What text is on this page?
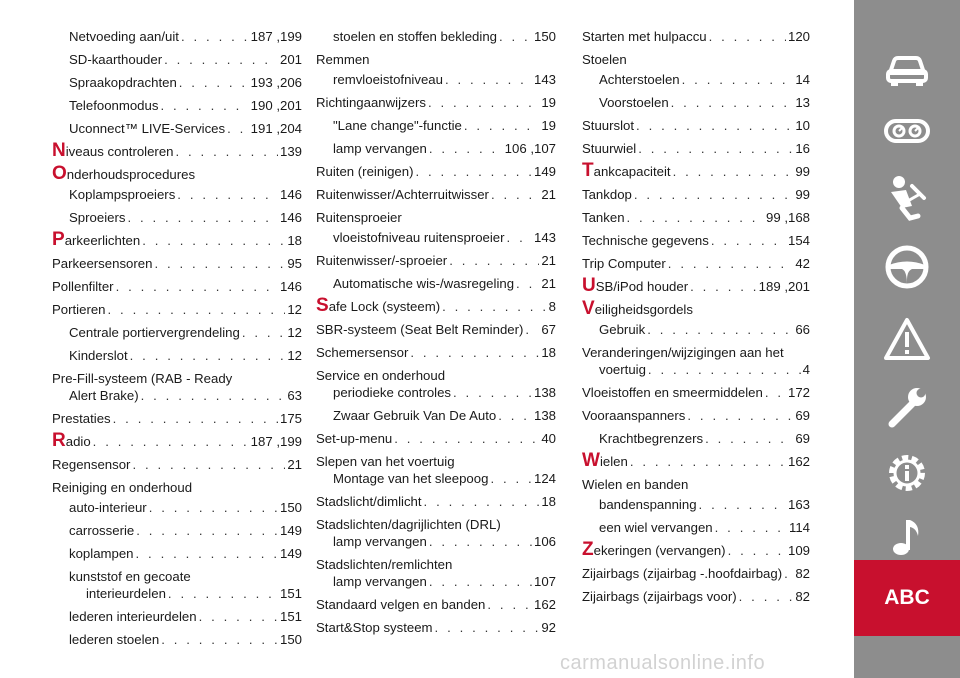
Netvoeding aan/uit . . .	187 ,199
SD-kaarthouder . . .	201
Spraakopdrachten . . .	193 ,206
Telefoonmodus . . .	190 ,201
Uconnect™ LIVE-Services . . . 191 ,204
Niveaus controleren . . .	139
Onderhoudsprocedures
Koplampsproeiers . . .	146
Sproeiers . . .	146
Parkeerlichten . . .	18
Parkeersensoren . . .	95
Pollenfilter . . .	146
Portieren . . .	12
Centrale portiervergrendeling . . .	12
Kinderslot . . .	12
Pre-Fill-systeem (RAB - Ready
Alert Brake) . . .	63
Prestaties . . .	175
Radio . . .	187 ,199
Regensensor . . .	21
Reiniging en onderhoud
auto-interieur . . .	150
carrosserie . . .	149
koplampen . . .	149
kunststof en gecoate
interieurdelen . . .	151
lederen interieurdelen . . .	151
lederen stoelen . . .	150
stoelen en stoffen bekleding . . .	150
Remmen
remvloeistofniveau . . .	143
Richtingaanwijzers . . .	19
"Lane change"-functie . . .	19
lamp vervangen . . .	106 ,107
Ruiten (reinigen) . . .	149
Ruitenwisser/Achterruitwisser . . .	21
Ruitensproeier
vloeistofniveau ruitensproeier . . . 143
Ruitenwisser/-sproeier . . .	21
Automatische wis-/wasregeling . . . 21
Safe Lock (systeem) . . .	8
SBR-systeem (Seat Belt Reminder) . . . 67
Schemersensor . . .	18
Service en onderhoud
periodieke controles . . .	138
Zwaar Gebruik Van De Auto . . .	138
Set-up-menu . . .	40
Slepen van het voertuig
Montage van het sleepoog . . .	124
Stadslicht/dimlicht . . .	18
Stadslichten/dagrijlichten (DRL)
lamp vervangen . . .	106
Stadslichten/remlichten
lamp vervangen . . .	107
Standaard velgen en banden . . .	162
Start&Stop systeem . . .	92
Starten met hulpaccu . . .	120
Stoelen
Achterstoelen . . .	14
Voorstoelen . . .	13
Stuurslot . . .	10
Stuurwiel . . .	16
Tankcapaciteit . . .	99
Tankdop . . .	99
Tanken . . .	99 ,168
Technische gegevens . . .	154
Trip Computer . . .	42
USB/iPod houder . . .	189 ,201
Veiligheidsgordels
Gebruik . . .	66
Veranderingen/wijzigingen aan het
voertuig . . .	4
Vloeistoffen en smeermiddelen . . . 172
Vooraanspanners . . .	69
Krachtbegrenzers . . .	69
Wielen . . .	162
Wielen en banden
bandenspanning . . .	163
een wiel vervangen . . .	114
Zekeringen (vervangen) . . .	109
Zijairbags (zijairbag -.hoofdairbag) . . . 82
Zijairbags (zijairbags voor) . . .	82	ABC
carmanualsonline.info
